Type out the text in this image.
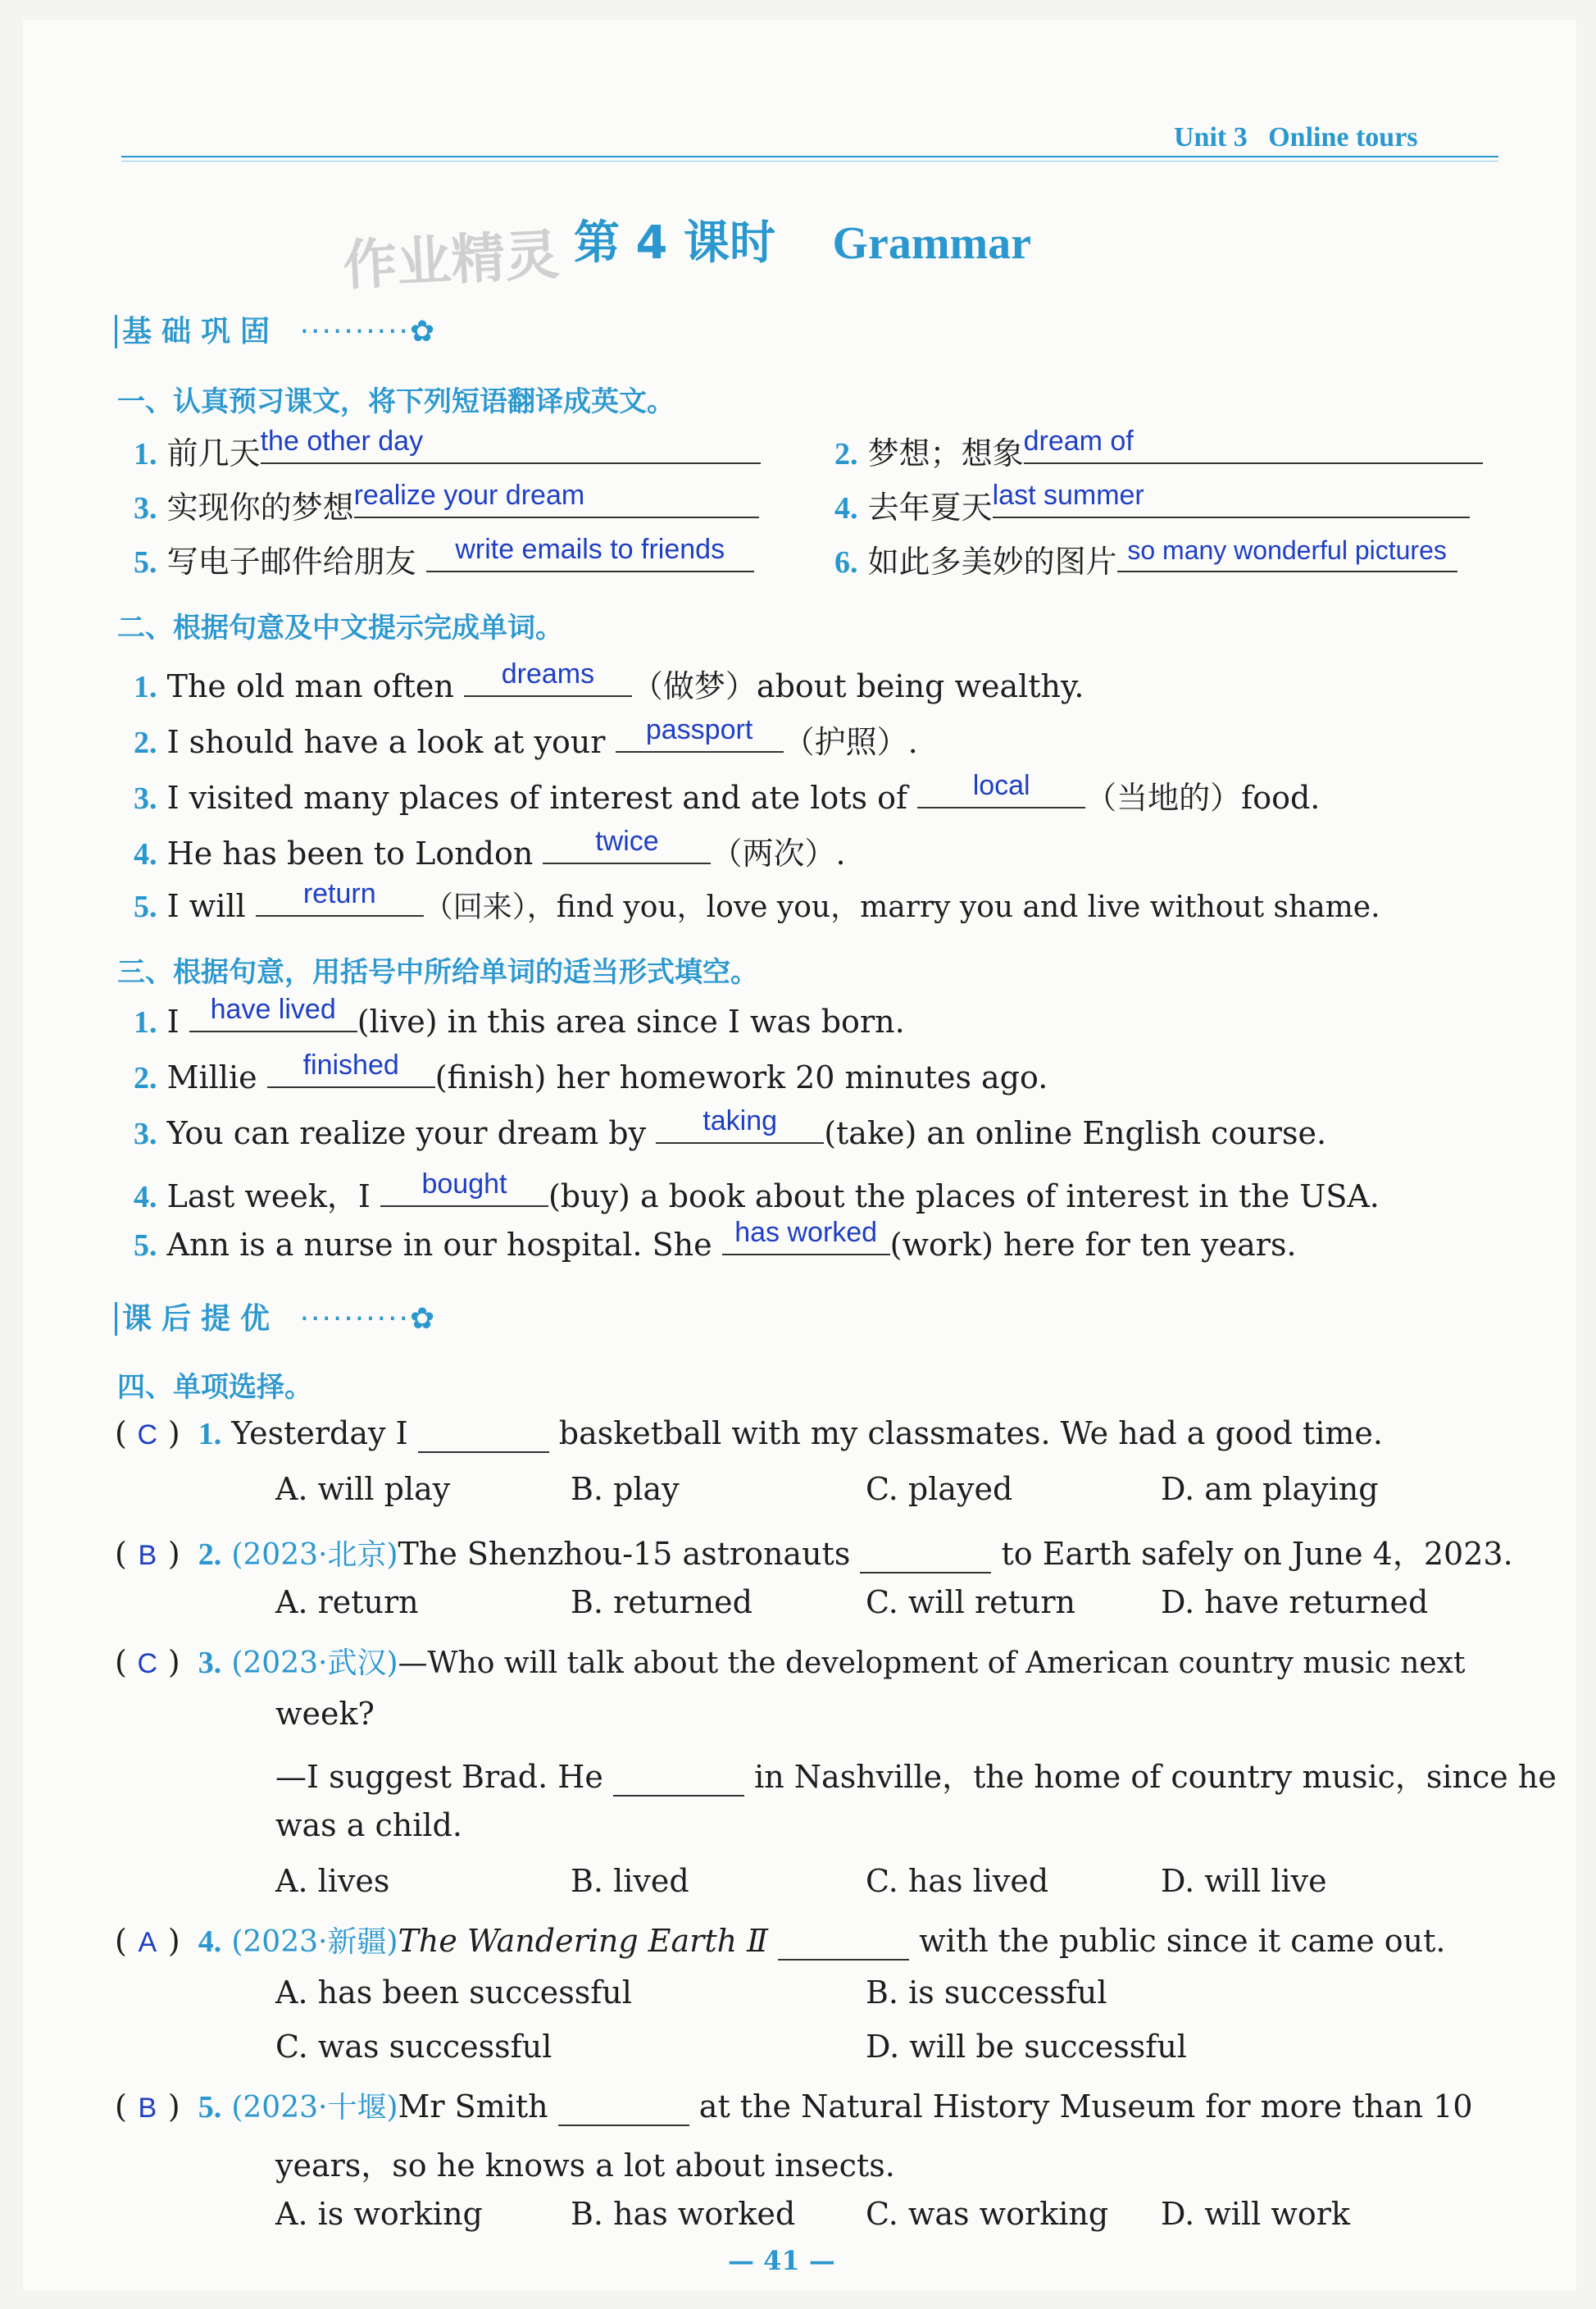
Unit 3 Online tours
作业精灵 第 4 课时 Grammar
基础巩固 ··········✿
一、认真预习课文，将下列短语翻译成英文。
1. 前几天 the other day	2. 梦想；想象 dream of
3. 实现你的梦想 realize your dream	4. 去年夏天 last summer
5. 写电子邮件给朋友	write emails to friends	6. 如此多美妙的图片 so many wonderful pictures
二、根据句意及中文提示完成单词。
1. The old man often	dreams	（做梦）about being wealthy.
2. I should have a look at your	passport （护照）.
3. I visited many places of interest and ate lots of	local	（当地的）food.
4. He has been to London	twice	（两次）.
5. I will	return	（回来），find you，love you，marry you and live without shame.
三、根据句意，用括号中所给单词的适当形式填空。
1. I have lived (live) in this area since I was born.
2. Millie	finished	(finish) her homework 20 minutes ago.
3. You can realize your dream by	taking	(take) an online English course.
4. Last week，I	bought	(buy) a book about the places of interest in the USA.
5. Ann is a nurse in our hospital. She has worked (work) here for ten years.
课后提优 ··········✿
四、单项选择。
( C ) 1. Yesterday I	basketball with my classmates. We had a good time.
A. will play	B. play	C. played	D. am playing
( B ) 2. (2023·北京)The Shenzhou-15 astronauts	to Earth safely on June 4，2023.
A. return	B. returned	C. will return	D. have returned
( C ) 3. (2023·武汉)—Who will talk about the development of American country music next
week?
—I suggest Brad. He	in Nashville，the home of country music，since he
was a child.
A. lives	B. lived	C. has lived	D. will live
( A ) 4. (2023·新疆)The Wandering Earth Ⅱ	with the public since it came out.
A. has been successful	B. is successful
C. was successful	D. will be successful
( B ) 5. (2023·十堰)Mr Smith	at the Natural History Museum for more than 10
years，so he knows a lot about insects.
A. is working	B. has worked C. was working D. will work
— 41 —
